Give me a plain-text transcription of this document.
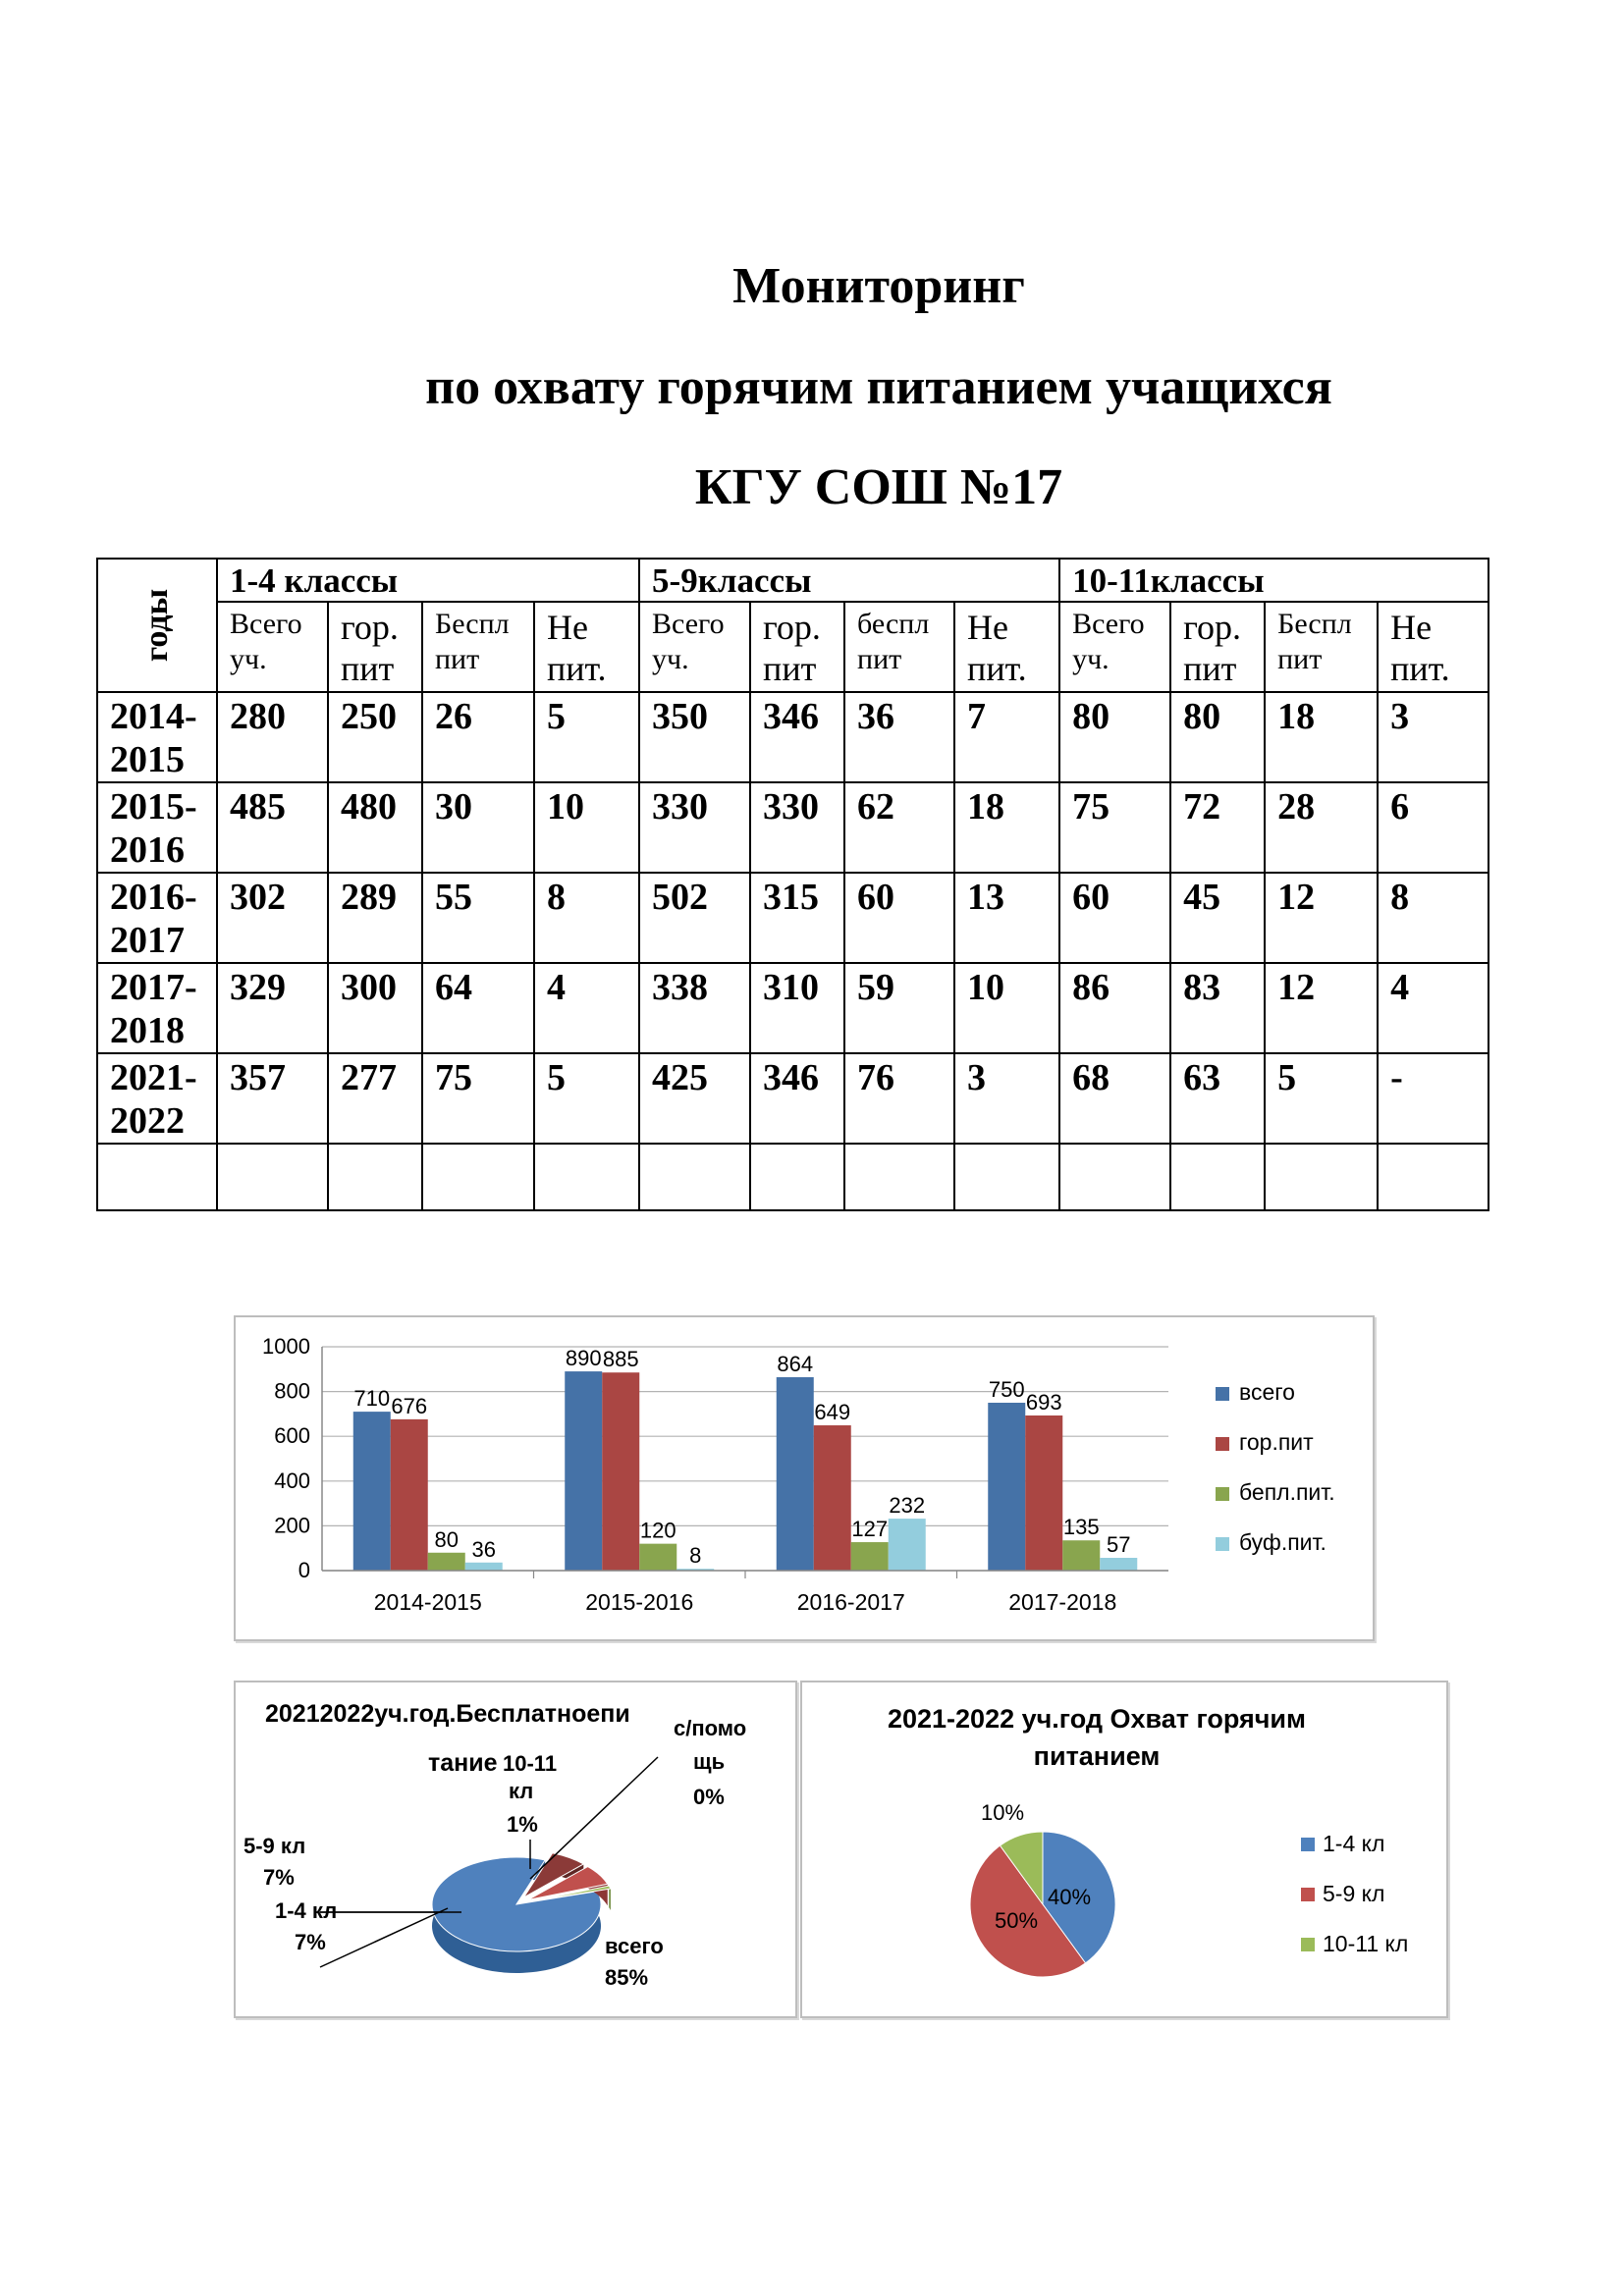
Мониторинг
по охвату горячим питанием учащихся
КГУ СОШ №17
годы	1-4 классы				5-9классы				10-11классы			
	Всего уч.	гор. пит	Беспл пит	Не пит.	Всего уч.	гор. пит	беспл пит	Не пит.	Всего уч.	гор. пит	Беспл пит	Не пит.
2014-2015	280	250	26	5	350	346	36	7	80	80	18	3
2015-2016	485	480	30	10	330	330	62	18	75	72	28	6
2016-2017	302	289	55	8	502	315	60	13	60	45	12	8
2017-2018	329	300	64	4	338	310	59	10	86	83	12	4
2021-2022	357	277	75	5	425	346	76	3	68	63	5	-

0
200
400
600
800
1000
710 676
80 36
2014-2015
890 885
120
8
2015-2016
864
649
127
232
2016-2017
750
693
135
57
2017-2018
всего
гор.пит
бепл.пит.
буф.пит.
20212022уч.год.Бесплатноепи
тание
всего
85%
5-9 кл
7%
1-4 кл
7%
10-11
кл
1%
с/помо
щь
0%
2021-2022 уч.год Охват горячим
питанием
40%
50%
10%
1-4 кл
5-9 кл
10-11 кл
